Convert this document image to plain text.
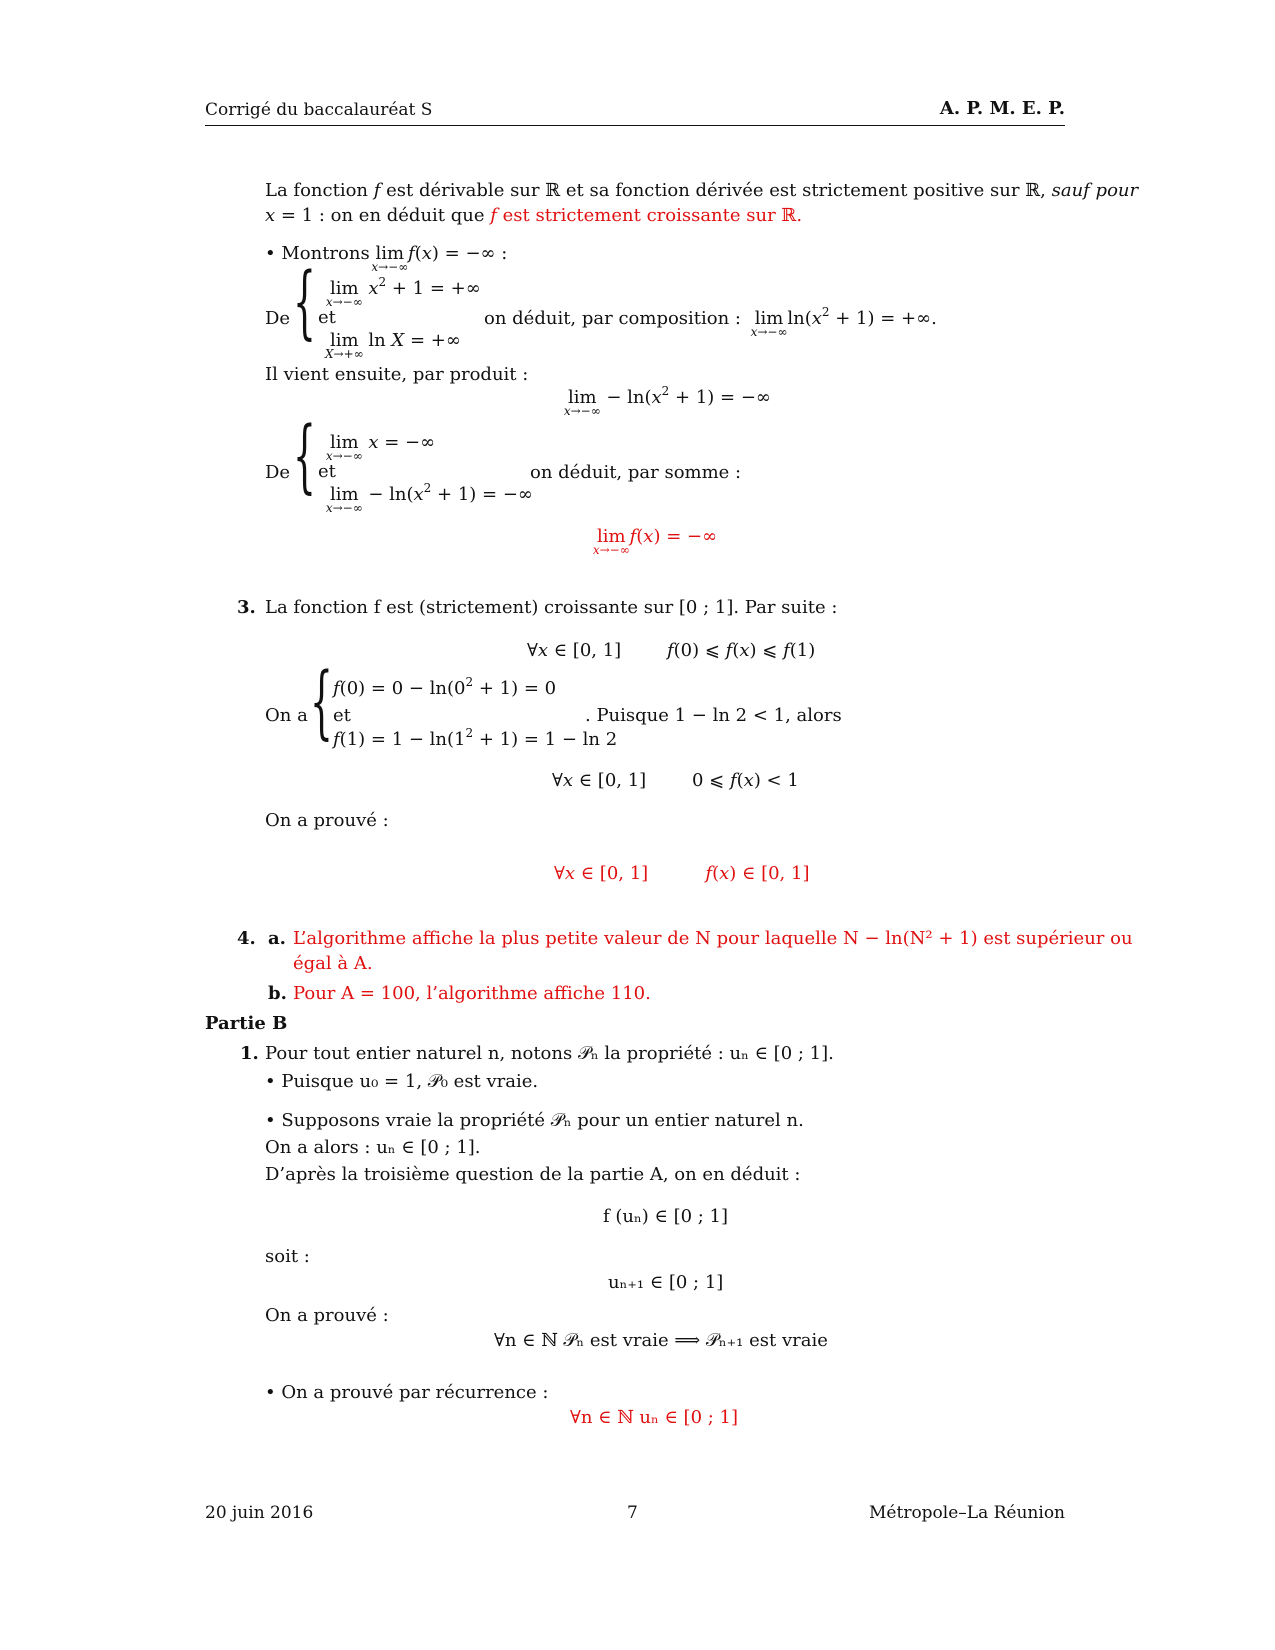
Corrigé du baccalauréat S	A. P. M. E. P.
La fonction f est dérivable sur ℝ et sa fonction dérivée est strictement positive sur ℝ, sauf pour
x = 1 : on en déduit que f est strictement croissante sur ℝ.
• Montrons lim
x→−∞
f(x) = −∞ :
De { lim
x→−∞
$x^2 + 1$ = +∞
et
lim
X→+∞
ln X = +∞
on déduit, par composition : lim
x→−∞
$\ln(x^2 + 1)$ = +∞.
Il vient ensuite, par produit :
lim
x→−∞
− $\ln(x^2 + 1)$ = −∞
De { lim
x→−∞
x = −∞
et
lim
x→−∞
− $\ln(x^2 + 1)$ = −∞
on déduit, par somme :
lim
x→−∞
f(x) = −∞
3. La fonction f est (strictement) croissante sur [0 ; 1]. Par suite :
∀x ∈ [0, 1]        f(0) ⩽ f(x) ⩽ f(1)
On a { $f(0) = 0 - \ln(0^2 + 1) = 0$
et
$f(1) = 1 - \ln(1^2 + 1) = 1 - \ln 2$
. Puisque 1 − ln 2 < 1, alors
∀x ∈ [0, 1]        0 ⩽ f(x) < 1
On a prouvé :
∀x ∈ [0, 1]          f(x) ∈ [0, 1]
4. a. L’algorithme affiche la plus petite valeur de N pour laquelle N − ln(N² + 1) est supérieur ou
égal à A.
b. Pour A = 100, l’algorithme affiche 110.
Partie B
1. Pour tout entier naturel n, notons 𝒫ₙ la propriété : uₙ ∈ [0 ; 1].
• Puisque u₀ = 1, 𝒫₀ est vraie.
• Supposons vraie la propriété 𝒫ₙ pour un entier naturel n.
On a alors : uₙ ∈ [0 ; 1].
D’après la troisième question de la partie A, on en déduit :
f (uₙ) ∈ [0 ; 1]
soit :
uₙ₊₁ ∈ [0 ; 1]
On a prouvé :
∀n ∈ ℕ 𝒫ₙ est vraie ⟹ 𝒫ₙ₊₁ est vraie
• On a prouvé par récurrence :
∀n ∈ ℕ uₙ ∈ [0 ; 1]
20 juin 2016	7	Métropole–La Réunion
